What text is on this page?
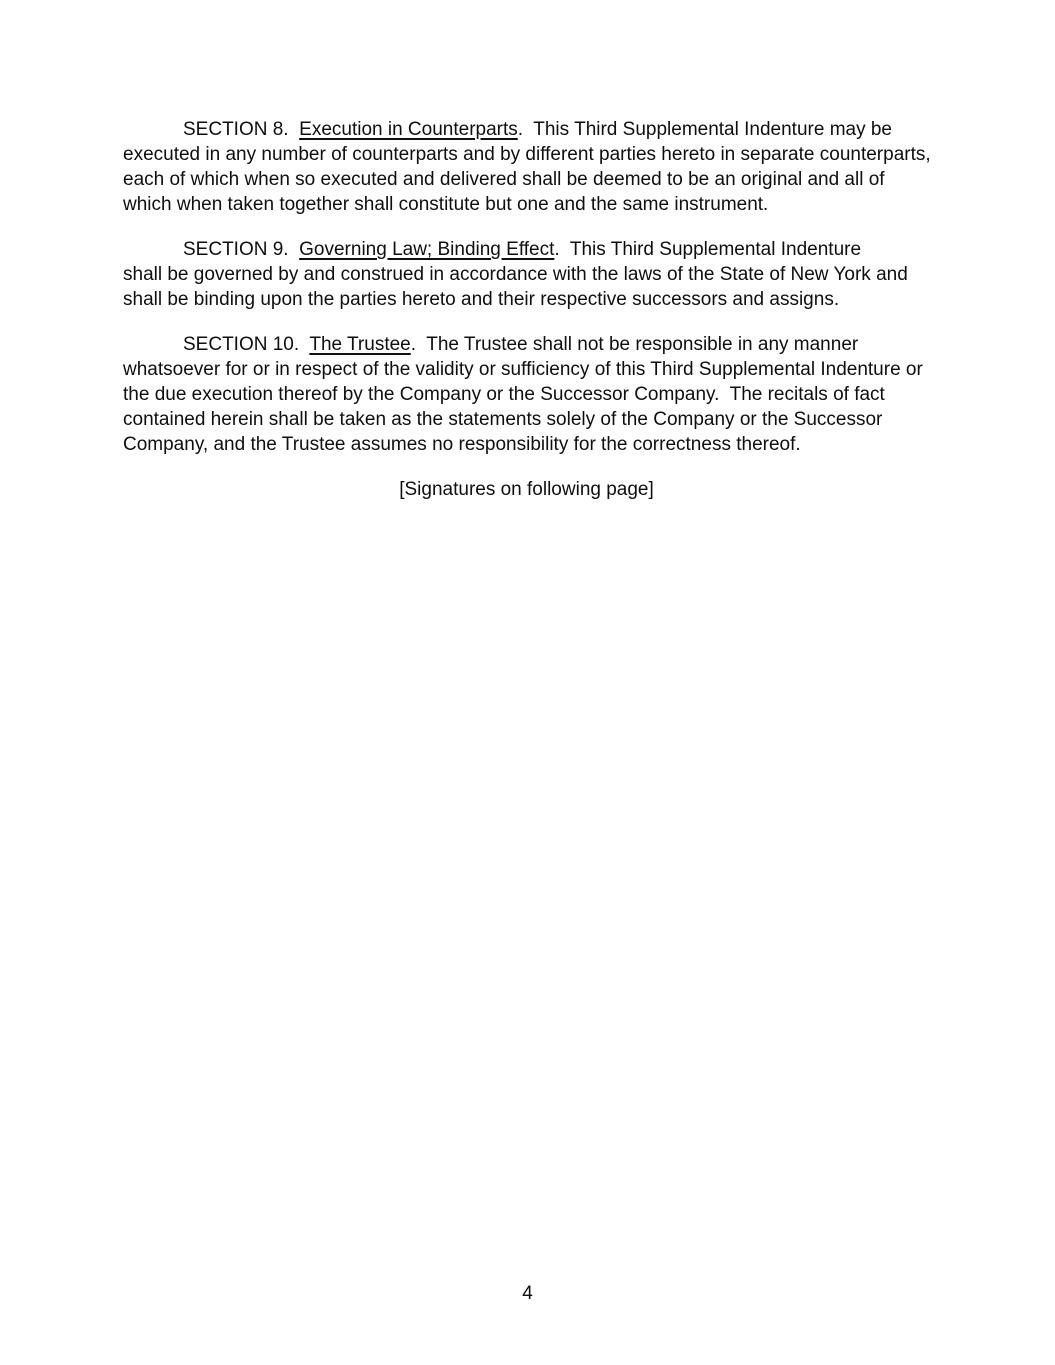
SECTION 8.  Execution in Counterparts.  This Third Supplemental Indenture may be
executed in any number of counterparts and by different parties hereto in separate counterparts,
each of which when so executed and delivered shall be deemed to be an original and all of
which when taken together shall constitute but one and the same instrument.
SECTION 9.  Governing Law; Binding Effect.  This Third Supplemental Indenture
shall be governed by and construed in accordance with the laws of the State of New York and
shall be binding upon the parties hereto and their respective successors and assigns.
SECTION 10.  The Trustee.  The Trustee shall not be responsible in any manner
whatsoever for or in respect of the validity or sufficiency of this Third Supplemental Indenture or
the due execution thereof by the Company or the Successor Company.  The recitals of fact
contained herein shall be taken as the statements solely of the Company or the Successor
Company, and the Trustee assumes no responsibility for the correctness thereof.
[Signatures on following page]
4
